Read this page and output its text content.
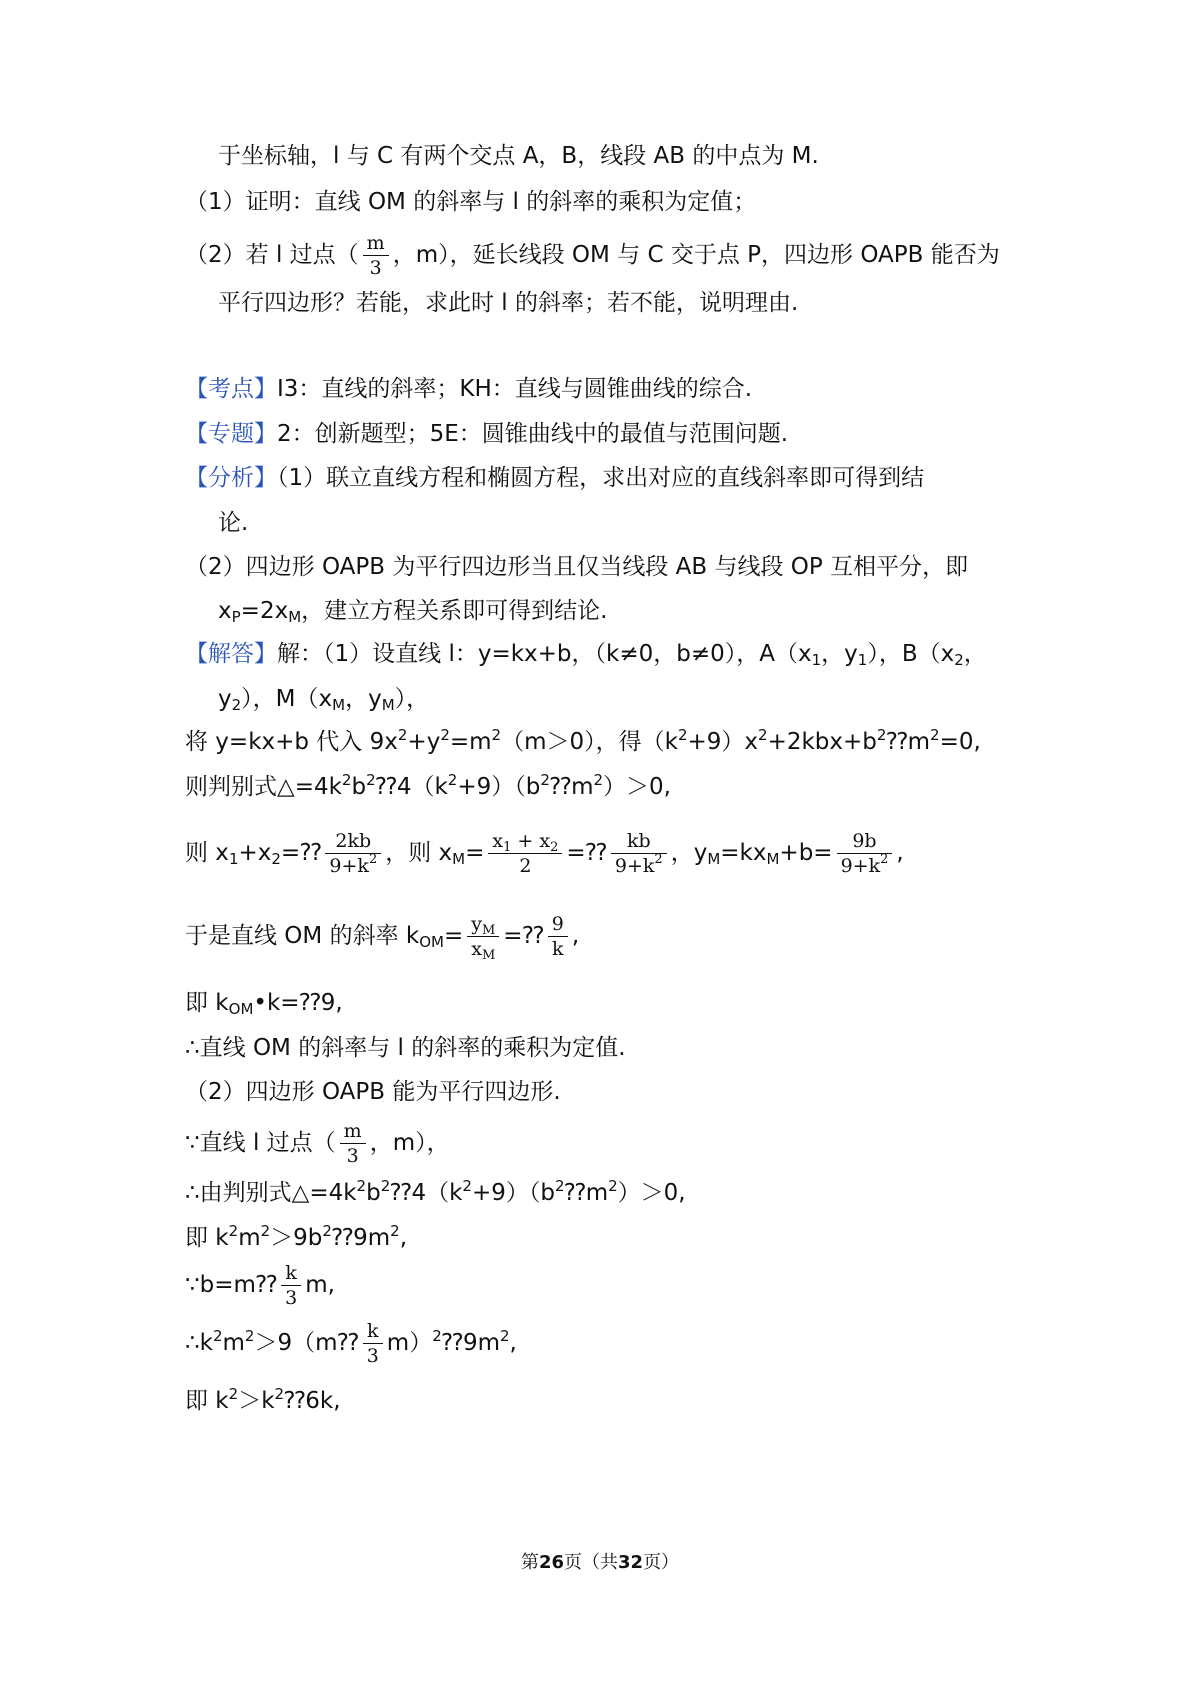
于坐标轴，l 与 C 有两个交点 A，B，线段 AB 的中点为 M.
（1）证明：直线 OM 的斜率与 l 的斜率的乘积为定值；
（2）若 l 过点（ $\frac{m}{3}$ ，m），延长线段 OM 与 C 交于点 P，四边形 OAPB 能否为
平行四边形？若能，求此时 l 的斜率；若不能，说明理由.
【考点】I3：直线的斜率；KH：直线与圆锥曲线的综合.
【专题】2：创新题型；5E：圆锥曲线中的最值与范围问题.
【分析】（1）联立直线方程和椭圆方程，求出对应的直线斜率即可得到结
论.
（2）四边形 OAPB 为平行四边形当且仅当线段 AB 与线段 OP 互相平分，即
$x_P=2x_M$，建立方程关系即可得到结论.
【解答】解：（1）设直线 l：y=kx+b，（k≠0，b≠0），$A(x_1$，$y_1$），$B(x_2$，
$y_2$），$M(x_M$，$y_M$），
将 y=kx+b 代入 $9x^2+y^2=m^2(m>0)$，得$(k^2+9)x^2+2kbx+b^2⁇m^2=0$,
则判别式$\triangle=4k^2b^2⁇4(k^2+9)(b^2⁇m^2)>0$,
则 $x_1+x_2=⁇ \frac{2kb}{9+k^2}$ ，则 $x_M= \frac{x_1 + x_2}{2}$ =⁇ $\frac{kb}{9+k^2}$ ，$y_M=kx_M+b= \frac{9b}{9+k^2}$ ,
于是直线 OM 的斜率 $k_{OM}= \frac{y_M}{x_M}$ =⁇ $\frac{9}{k}$ ,
即 $k_{OM}•k=⁇9$,
∴直线 OM 的斜率与 l 的斜率的乘积为定值.
（2）四边形 OAPB 能为平行四边形.
∵直线 l 过点（ $\frac{m}{3}$ ，m），
∴由判别式$\triangle=4k^2b^2⁇4(k^2+9)(b^2⁇m^2)>0$,
即 $k^2m^2>9b^2⁇9m^2$,
∵b=m⁇ $\frac{k}{3} m$,
$\therefore k^2m^2>9(m⁇ \frac{k}{3}$ $m)^2⁇9m^2$,
即 $k^2>k^2⁇6k$,
第26页（共32页）
